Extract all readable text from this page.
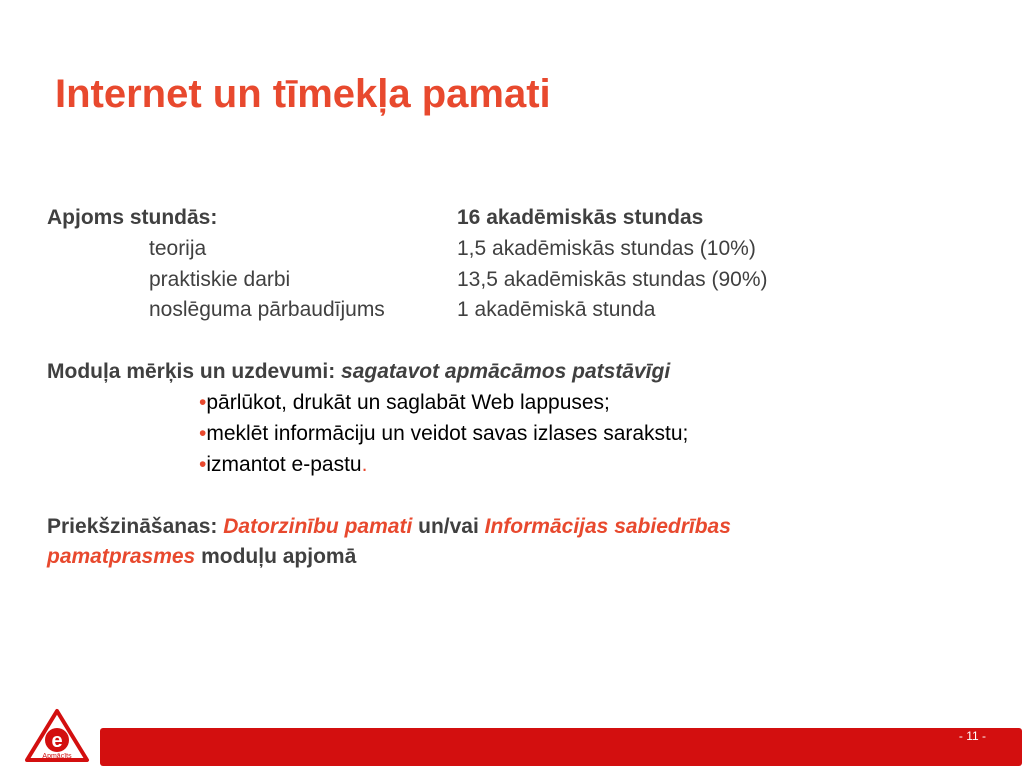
Internet un tīmekļa pamati
Apjoms stundās:	16 akadēmiskās stundas
teorija	1,5 akadēmiskās stundas (10%)
praktiskie darbi	13,5 akadēmiskās stundas (90%)
noslēguma pārbaudījums	1 akadēmiskā stunda
Moduļa mērķis un uzdevumi: sagatavot apmācāmos patstāvīgi
•pārlūkot, drukāt un saglabāt Web lappuses;
•meklēt informāciju un veidot savas izlases sarakstu;
•izmantot e-pastu.
Priekšzināšanas: Datorzinību pamati un/vai Informācijas sabiedrības
pamatprasmes moduļu apjomā
e
Apmācīts
- 11 -
